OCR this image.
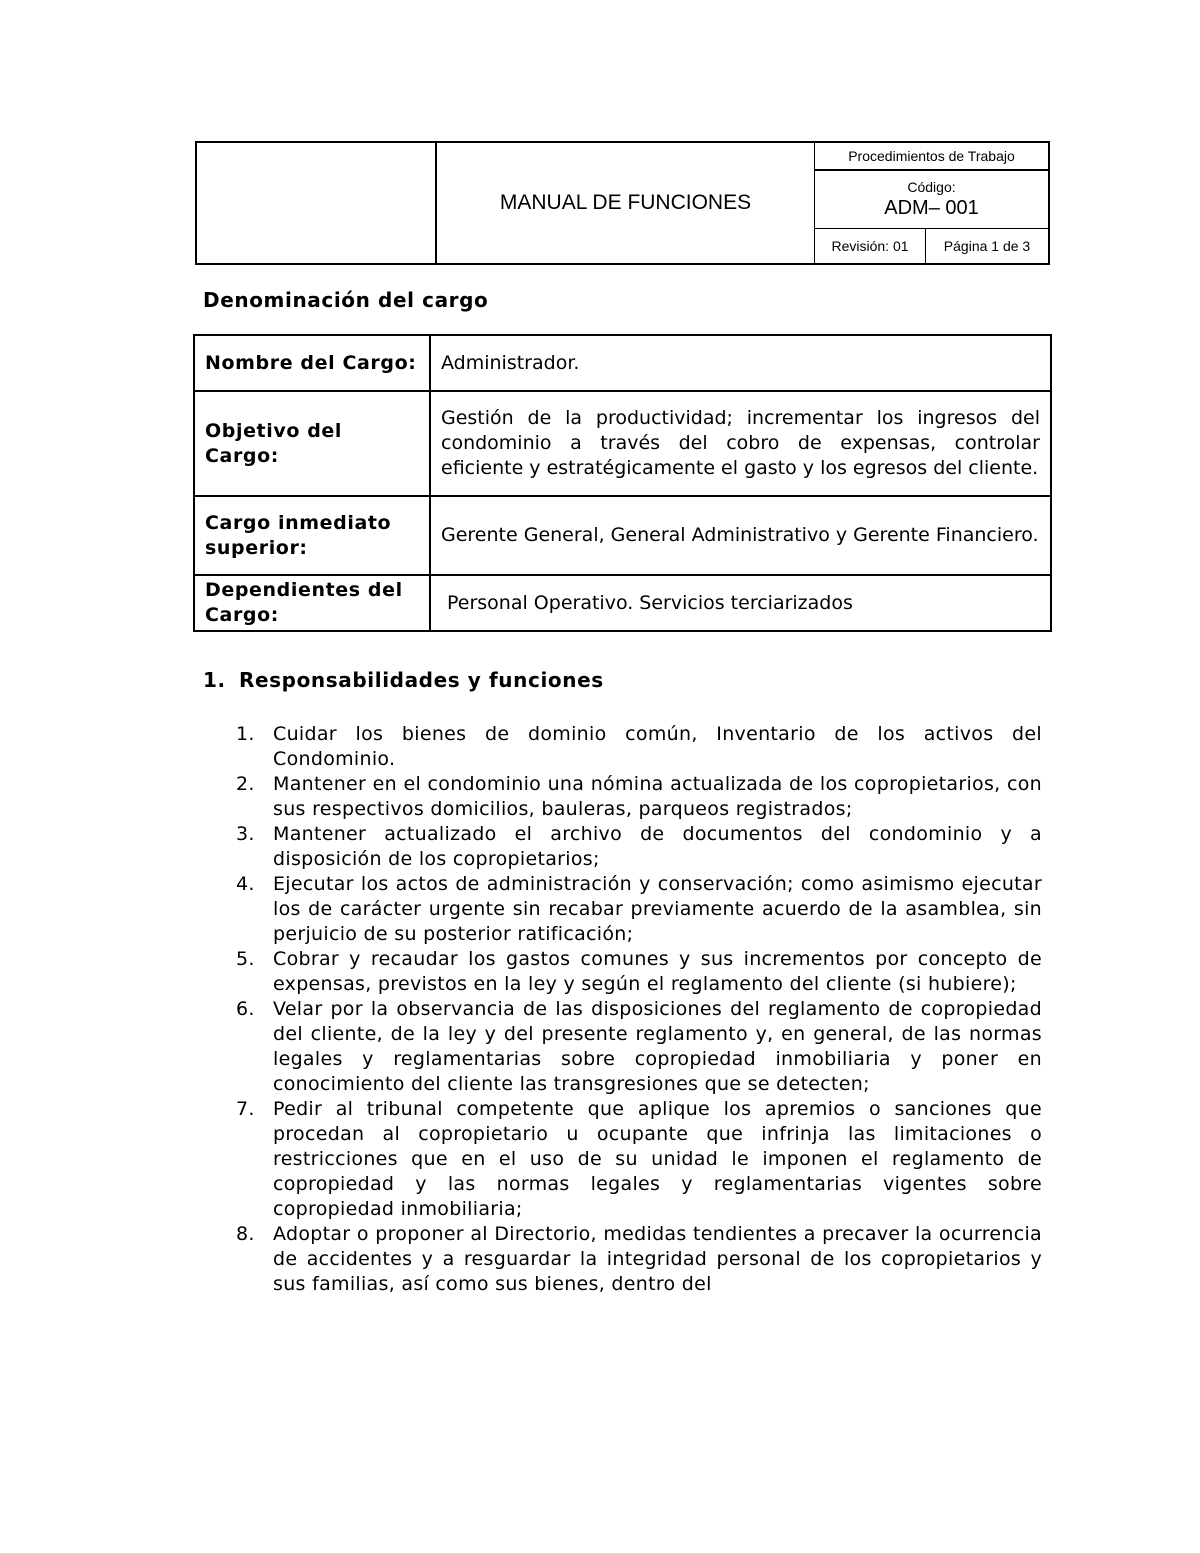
MANUAL DE FUNCIONES
Procedimientos de Trabajo
Código:
ADM– 001
Revisión: 01	Página 1 de 3
Denominación del cargo
Nombre del Cargo:	Administrador.
Objetivo del Cargo:	Gestión de la productividad; incrementar los ingresos del condominio a través del cobro de expensas, controlar eficiente y estratégicamente el gasto y los egresos del cliente.
Cargo inmediato superior:	Gerente General, General Administrativo y Gerente Financiero.
Dependientes del Cargo:	Personal Operativo. Servicios terciarizados
1. Responsabilidades y funciones
1. Cuidar los bienes de dominio común, Inventario de los activos del Condominio.
2. Mantener en el condominio una nómina actualizada de los copropietarios, con sus respectivos domicilios, bauleras, parqueos registrados;
3. Mantener actualizado el archivo de documentos del condominio y a disposición de los copropietarios;
4. Ejecutar los actos de administración y conservación; como asimismo ejecutar los de carácter urgente sin recabar previamente acuerdo de la asamblea, sin perjuicio de su posterior ratificación;
5. Cobrar y recaudar los gastos comunes y sus incrementos por concepto de expensas, previstos en la ley y según el reglamento del cliente (si hubiere);
6. Velar por la observancia de las disposiciones del reglamento de copropiedad del cliente, de la ley y del presente reglamento y, en general, de las normas legales y reglamentarias sobre copropiedad inmobiliaria y poner en conocimiento del cliente las transgresiones que se detecten;
7. Pedir al tribunal competente que aplique los apremios o sanciones que procedan al copropietario u ocupante que infrinja las limitaciones o restricciones que en el uso de su unidad le imponen el reglamento de copropiedad y las normas legales y reglamentarias vigentes sobre copropiedad inmobiliaria;
8. Adoptar o proponer al Directorio, medidas tendientes a precaver la ocurrencia de accidentes y a resguardar la integridad personal de los copropietarios y sus familias, así como sus bienes, dentro del
